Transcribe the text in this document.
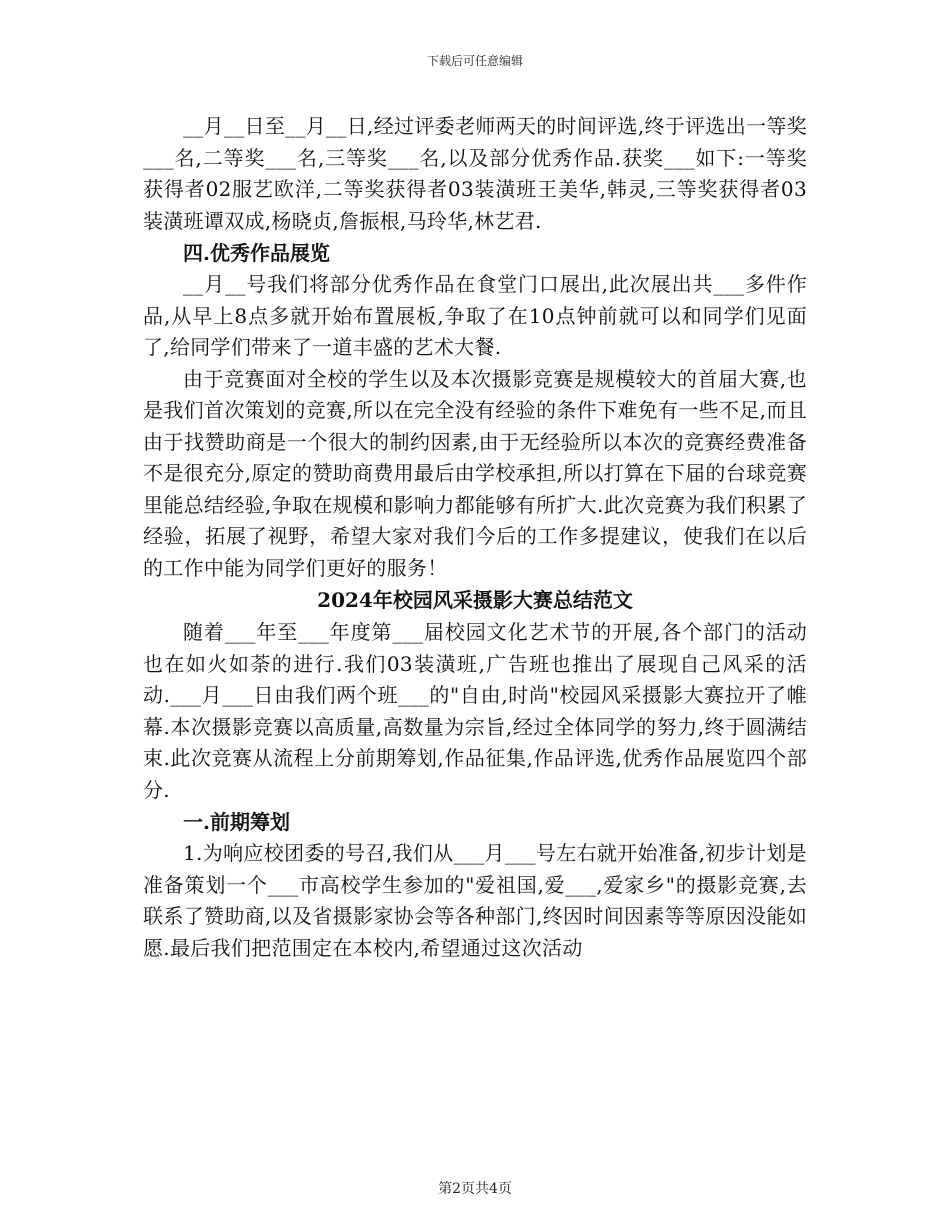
下载后可任意编辑

__月__日至__月__日,经过评委老师两天的时间评选,终于评选出一等奖___名,二等奖___名,三等奖___名,以及部分优秀作品.获奖___如下:一等奖获得者02服艺欧洋,二等奖获得者03装潢班王美华,韩灵,三等奖获得者03装潢班谭双成,杨晓贞,詹振根,马玲华,林艺君.

四.优秀作品展览

__月__号我们将部分优秀作品在食堂门口展出,此次展出共___多件作品,从早上8点多就开始布置展板,争取了在10点钟前就可以和同学们见面了,给同学们带来了一道丰盛的艺术大餐.

由于竞赛面对全校的学生以及本次摄影竞赛是规模较大的首届大赛,也是我们首次策划的竞赛,所以在完全没有经验的条件下难免有一些不足,而且由于找赞助商是一个很大的制约因素,由于无经验所以本次的竞赛经费准备不是很充分,原定的赞助商费用最后由学校承担,所以打算在下届的台球竞赛里能总结经验,争取在规模和影响力都能够有所扩大.此次竞赛为我们积累了经验，拓展了视野，希望大家对我们今后的工作多提建议，使我们在以后的工作中能为同学们更好的服务！

2024年校园风采摄影大赛总结范文

随着___年至___年度第___届校园文化艺术节的开展,各个部门的活动也在如火如荼的进行.我们03装潢班,广告班也推出了展现自己风采的活动.___月___日由我们两个班___的"自由,时尚"校园风采摄影大赛拉开了帷幕.本次摄影竞赛以高质量,高数量为宗旨,经过全体同学的努力,终于圆满结束.此次竞赛从流程上分前期筹划,作品征集,作品评选,优秀作品展览四个部分.

一.前期筹划

1.为响应校团委的号召,我们从___月___号左右就开始准备,初步计划是准备策划一个___市高校学生参加的"爱祖国,爱___,爱家乡"的摄影竞赛,去联系了赞助商,以及省摄影家协会等各种部门,终因时间因素等等原因没能如愿.最后我们把范围定在本校内,希望通过这次活动

第2页共4页
